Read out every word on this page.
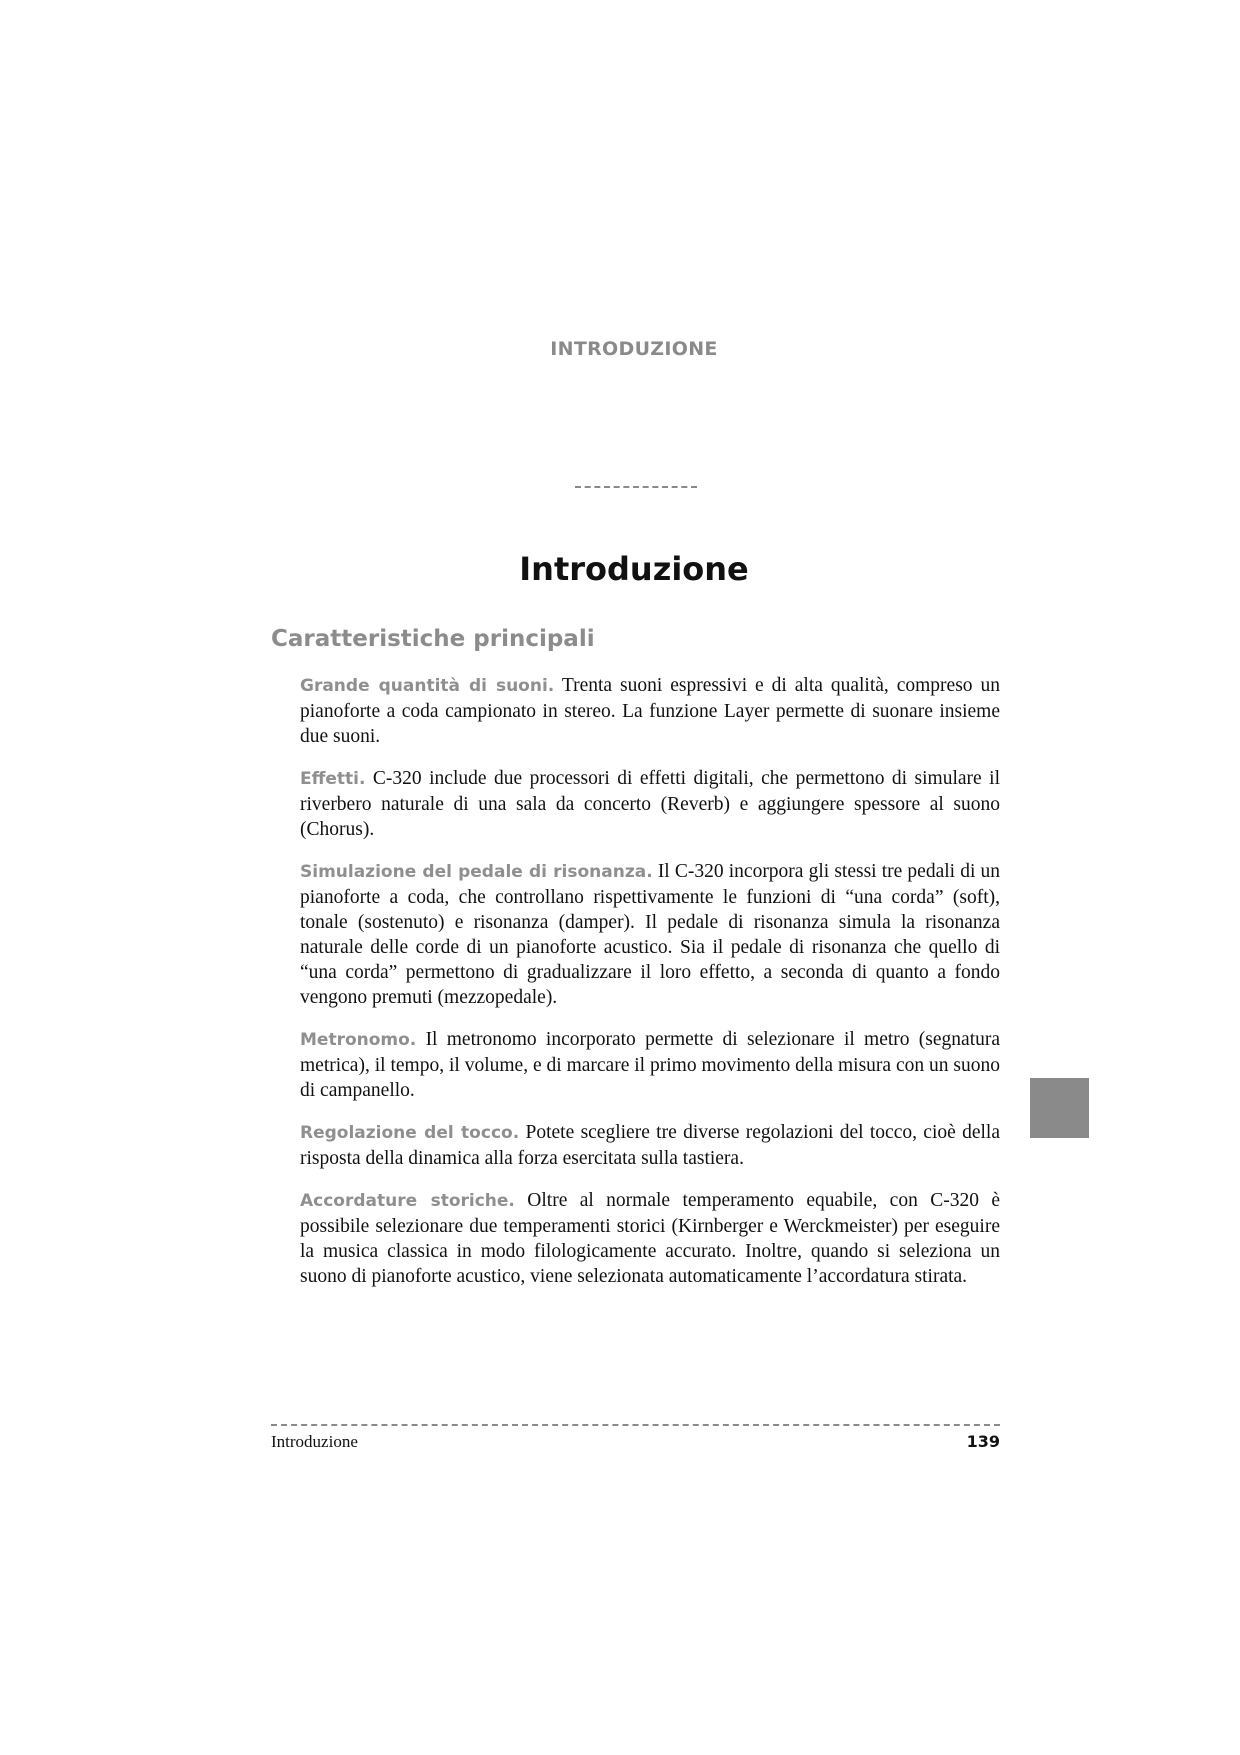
INTRODUZIONE
Introduzione
Caratteristiche principali

Grande quantità di suoni. Trenta suoni espressivi e di alta qualità, compreso un pianoforte a coda campionato in stereo. La funzione Layer permette di suonare insieme due suoni.

Effetti. C-320 include due processori di effetti digitali, che permettono di simulare il riverbero naturale di una sala da concerto (Reverb) e aggiungere spessore al suono (Chorus).

Simulazione del pedale di risonanza. Il C-320 incorpora gli stessi tre pedali di un pianoforte a coda, che controllano rispettivamente le funzioni di “una corda” (soft), tonale (sostenuto) e risonanza (damper). Il pedale di risonanza simula la risonanza naturale delle corde di un pianoforte acustico. Sia il pedale di risonanza che quello di “una corda” permettono di gradualizzare il loro effetto, a seconda di quanto a fondo vengono premuti (mezzopedale).

Metronomo. Il metronomo incorporato permette di selezionare il metro (segnatura metrica), il tempo, il volume, e di marcare il primo movimento della misura con un suono di campanello.

Regolazione del tocco. Potete scegliere tre diverse regolazioni del tocco, cioè della risposta della dinamica alla forza esercitata sulla tastiera.

Accordature storiche. Oltre al normale temperamento equabile, con C-320 è possibile selezionare due temperamenti storici (Kirnberger e Werckmeister) per eseguire la musica classica in modo filologicamente accurato. Inoltre, quando si seleziona un suono di pianoforte acustico, viene selezionata automaticamente l’accordatura stirata.

Introduzione	139
